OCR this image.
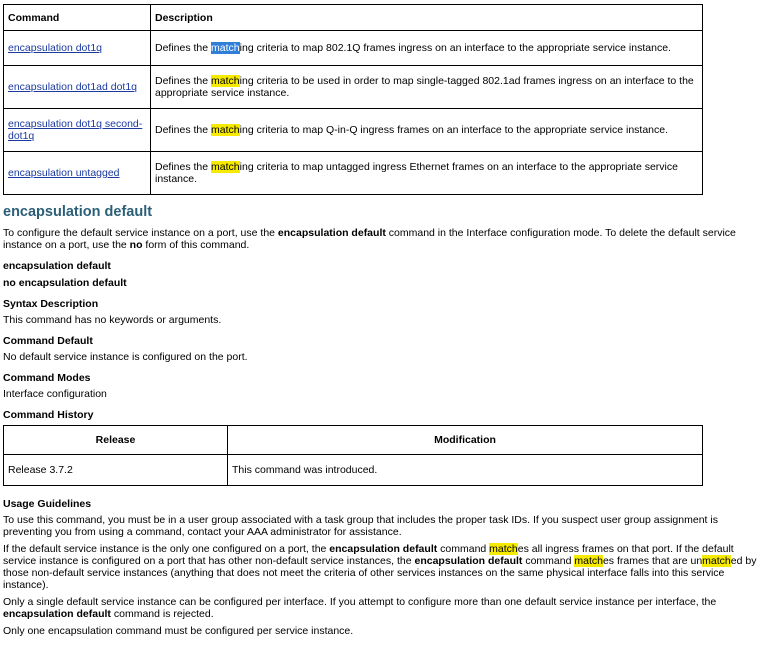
Command	Description
encapsulation dot1q	Defines the matching criteria to map 802.1Q frames ingress on an interface to the appropriate service instance.
encapsulation dot1ad dot1q	Defines the matching criteria to be used in order to map single-tagged 802.1ad frames ingress on an interface to the appropriate service instance.
encapsulation dot1q second-dot1q	Defines the matching criteria to map Q-in-Q ingress frames on an interface to the appropriate service instance.
encapsulation untagged	Defines the matching criteria to map untagged ingress Ethernet frames on an interface to the appropriate service instance.
encapsulation default

To configure the default service instance on a port, use the encapsulation default command in the Interface configuration mode. To delete the default service instance on a port, use the no form of this command.

encapsulation default

no encapsulation default

Syntax Description

This command has no keywords or arguments.

Command Default

No default service instance is configured on the port.

Command Modes

Interface configuration

Command History

Release	Modification
Release 3.7.2	This command was introduced.

Usage Guidelines

To use this command, you must be in a user group associated with a task group that includes the proper task IDs. If you suspect user group assignment is preventing you from using a command, contact your AAA administrator for assistance.

If the default service instance is the only one configured on a port, the encapsulation default command matches all ingress frames on that port. If the default service instance is configured on a port that has other non-default service instances, the encapsulation default command matches frames that are unmatched by those non-default service instances (anything that does not meet the criteria of other services instances on the same physical interface falls into this service instance).

Only a single default service instance can be configured per interface. If you attempt to configure more than one default service instance per interface, the encapsulation default command is rejected.

Only one encapsulation command must be configured per service instance.
